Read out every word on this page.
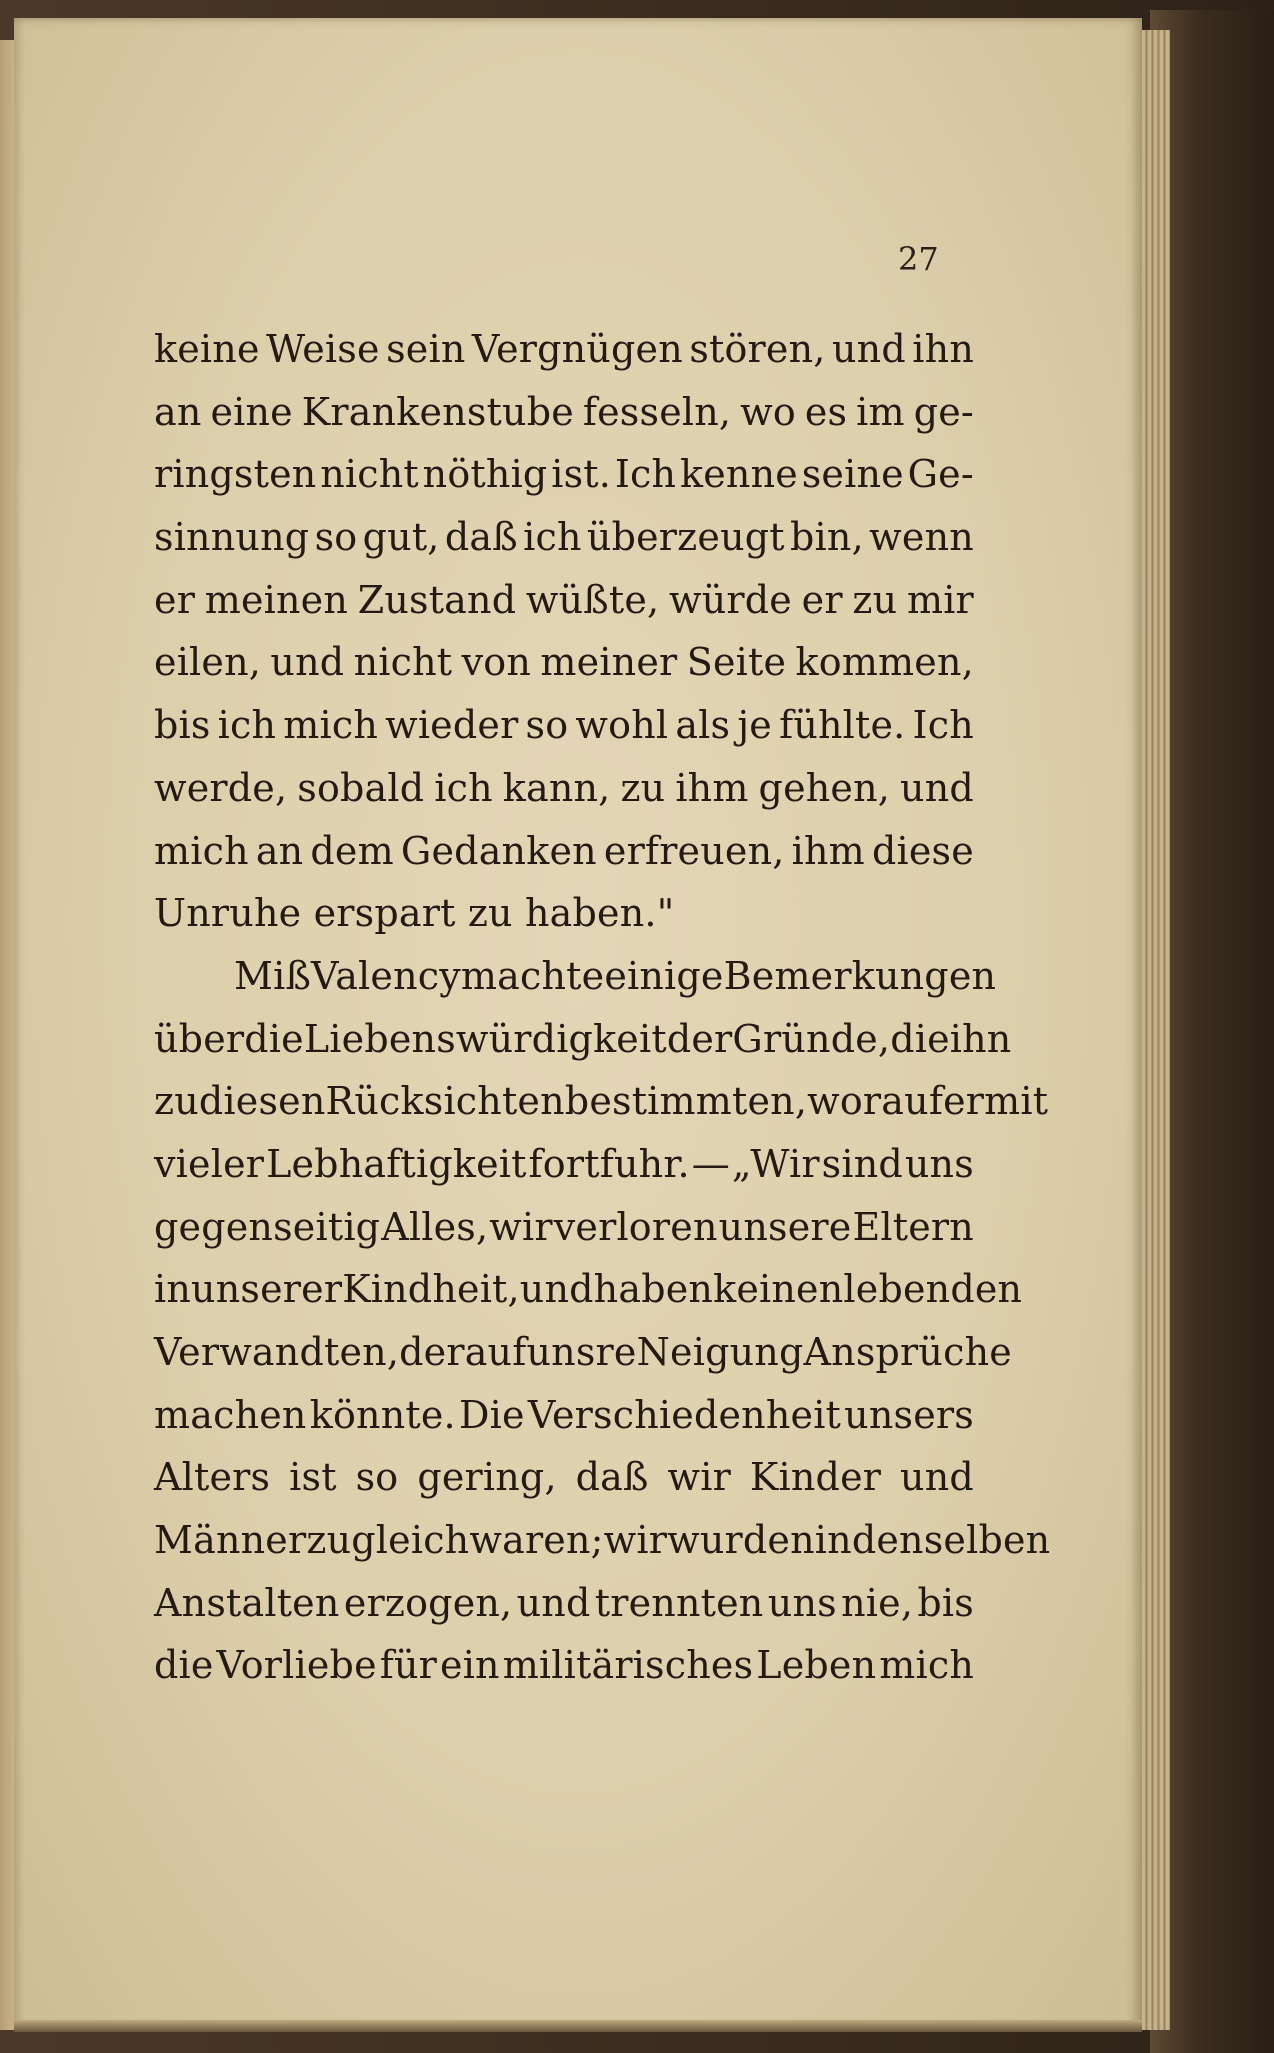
27
keine Weise sein Vergnügen stören, und ihn
an eine Krankenstube fesseln, wo es im ge-
ringsten nicht nöthig ist. Ich kenne seine Ge-
sinnung so gut, daß ich überzeugt bin, wenn
er meinen Zustand wüßte, würde er zu mir
eilen, und nicht von meiner Seite kommen,
bis ich mich wieder so wohl als je fühlte. Ich
werde, sobald ich kann, zu ihm gehen, und
mich an dem Gedanken erfreuen, ihm diese
Unruhe erspart zu haben."
Miß Valency machte einige Bemerkungen
über die Liebenswürdigkeit der Gründe, die ihn
zu diesen Rücksichten bestimmten, worauf er mit
vieler Lebhaftigkeit fortfuhr. — „Wir sind uns
gegenseitig Alles, wir verloren unsere Eltern
in unserer Kindheit, und haben keinen lebenden
Verwandten, der auf unsre Neigung Ansprüche
machen könnte. Die Verschiedenheit unsers
Alters ist so gering, daß wir Kinder und
Männer zugleich waren; wir wurden in denselben
Anstalten erzogen, und trennten uns nie, bis
die Vorliebe für ein militärisches Leben mich
